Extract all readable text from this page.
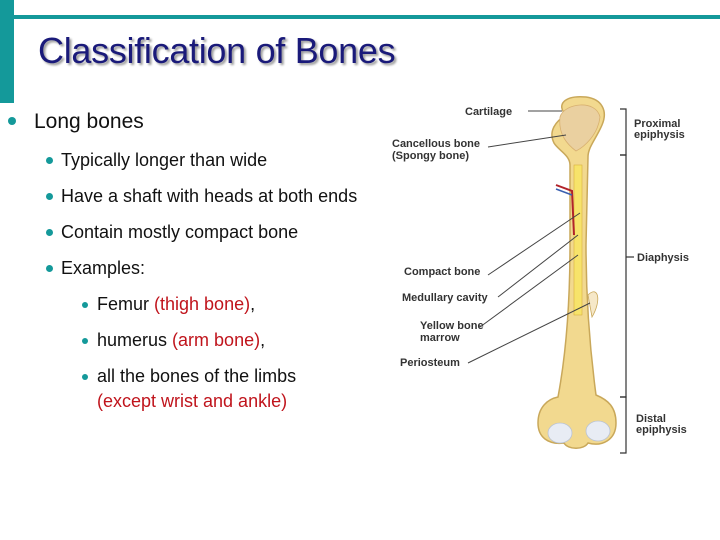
Classification of Bones
Long bones
Typically longer than wide
Have a shaft with heads at both ends
Contain mostly compact bone
Examples:
Femur (thigh bone),
humerus (arm bone),
all the bones of the limbs
(except wrist and ankle)
Cartilage
Cancellous bone
(Spongy bone)
Compact bone
Medullary cavity
Yellow bone
marrow
Periosteum
Proximal
epiphysis
Diaphysis
Distal
epiphysis
